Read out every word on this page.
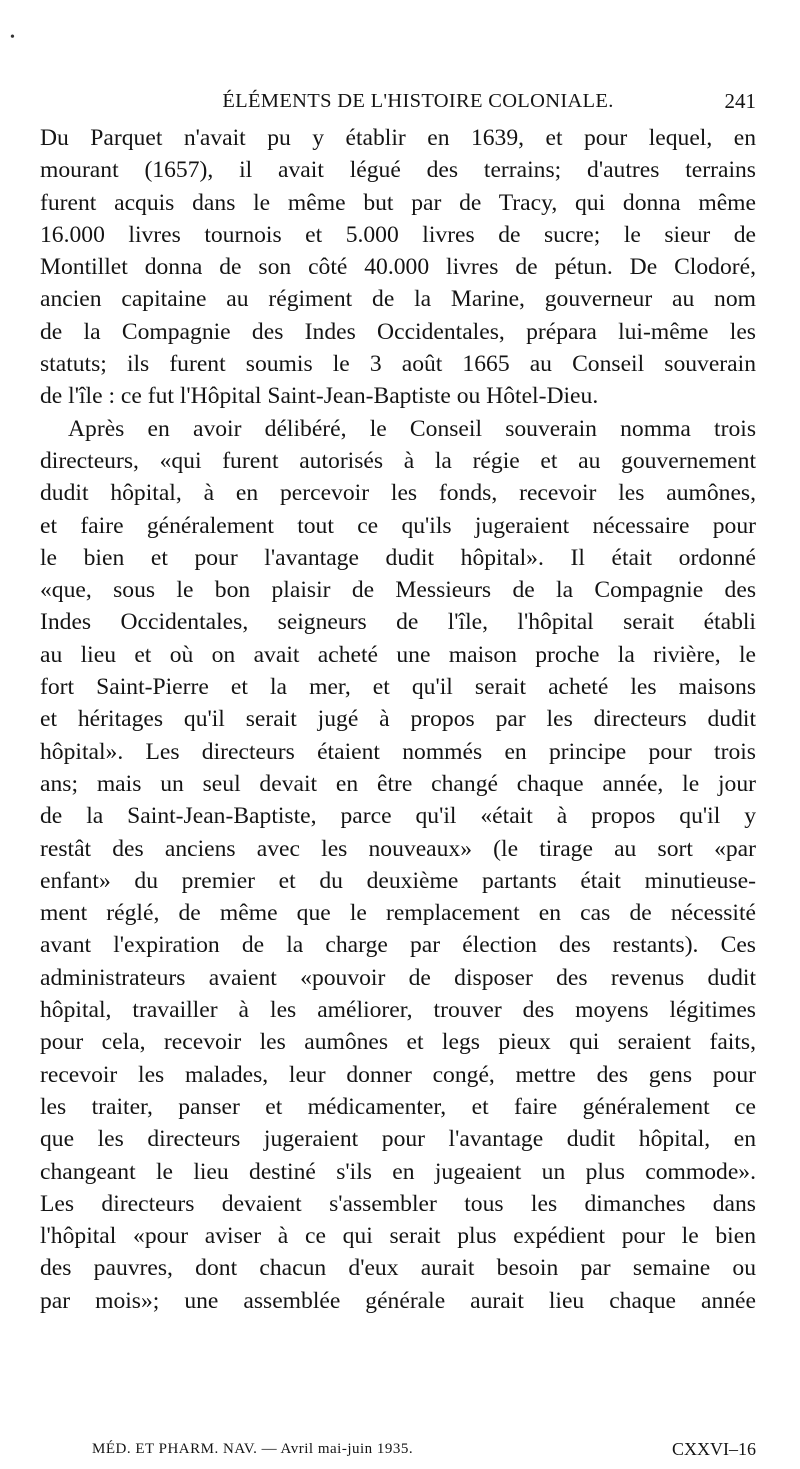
•
ÉLÉMENTS DE L'HISTOIRE COLONIALE.	241
Du Parquet n'avait pu y établir en 1639, et pour lequel, en
mourant (1657), il avait légué des terrains; d'autres terrains
furent acquis dans le même but par de Tracy, qui donna même
16.000 livres tournois et 5.000 livres de sucre; le sieur de
Montillet donna de son côté 40.000 livres de pétun. De Clodoré,
ancien capitaine au régiment de la Marine, gouverneur au nom
de la Compagnie des Indes Occidentales, prépara lui-même les
statuts; ils furent soumis le 3 août 1665 au Conseil souverain
de l'île : ce fut l'Hôpital Saint-Jean-Baptiste ou Hôtel-Dieu.
Après en avoir délibéré, le Conseil souverain nomma trois
directeurs, «qui furent autorisés à la régie et au gouvernement
dudit hôpital, à en percevoir les fonds, recevoir les aumônes,
et faire généralement tout ce qu'ils jugeraient nécessaire pour
le bien et pour l'avantage dudit hôpital». Il était ordonné
«que, sous le bon plaisir de Messieurs de la Compagnie des
Indes Occidentales, seigneurs de l'île, l'hôpital serait établi
au lieu et où on avait acheté une maison proche la rivière, le
fort Saint-Pierre et la mer, et qu'il serait acheté les maisons
et héritages qu'il serait jugé à propos par les directeurs dudit
hôpital». Les directeurs étaient nommés en principe pour trois
ans; mais un seul devait en être changé chaque année, le jour
de la Saint-Jean-Baptiste, parce qu'il «était à propos qu'il y
restât des anciens avec les nouveaux» (le tirage au sort «par
enfant» du premier et du deuxième partants était minutieuse-
ment réglé, de même que le remplacement en cas de nécessité
avant l'expiration de la charge par élection des restants). Ces
administrateurs avaient «pouvoir de disposer des revenus dudit
hôpital, travailler à les améliorer, trouver des moyens légitimes
pour cela, recevoir les aumônes et legs pieux qui seraient faits,
recevoir les malades, leur donner congé, mettre des gens pour
les traiter, panser et médicamenter, et faire généralement ce
que les directeurs jugeraient pour l'avantage dudit hôpital, en
changeant le lieu destiné s'ils en jugeaient un plus commode».
Les directeurs devaient s'assembler tous les dimanches dans
l'hôpital «pour aviser à ce qui serait plus expédient pour le bien
des pauvres, dont chacun d'eux aurait besoin par semaine ou
par mois»; une assemblée générale aurait lieu chaque année
MÉD. ET PHARM. NAV. — Avril mai-juin 1935.	CXXVI–16
